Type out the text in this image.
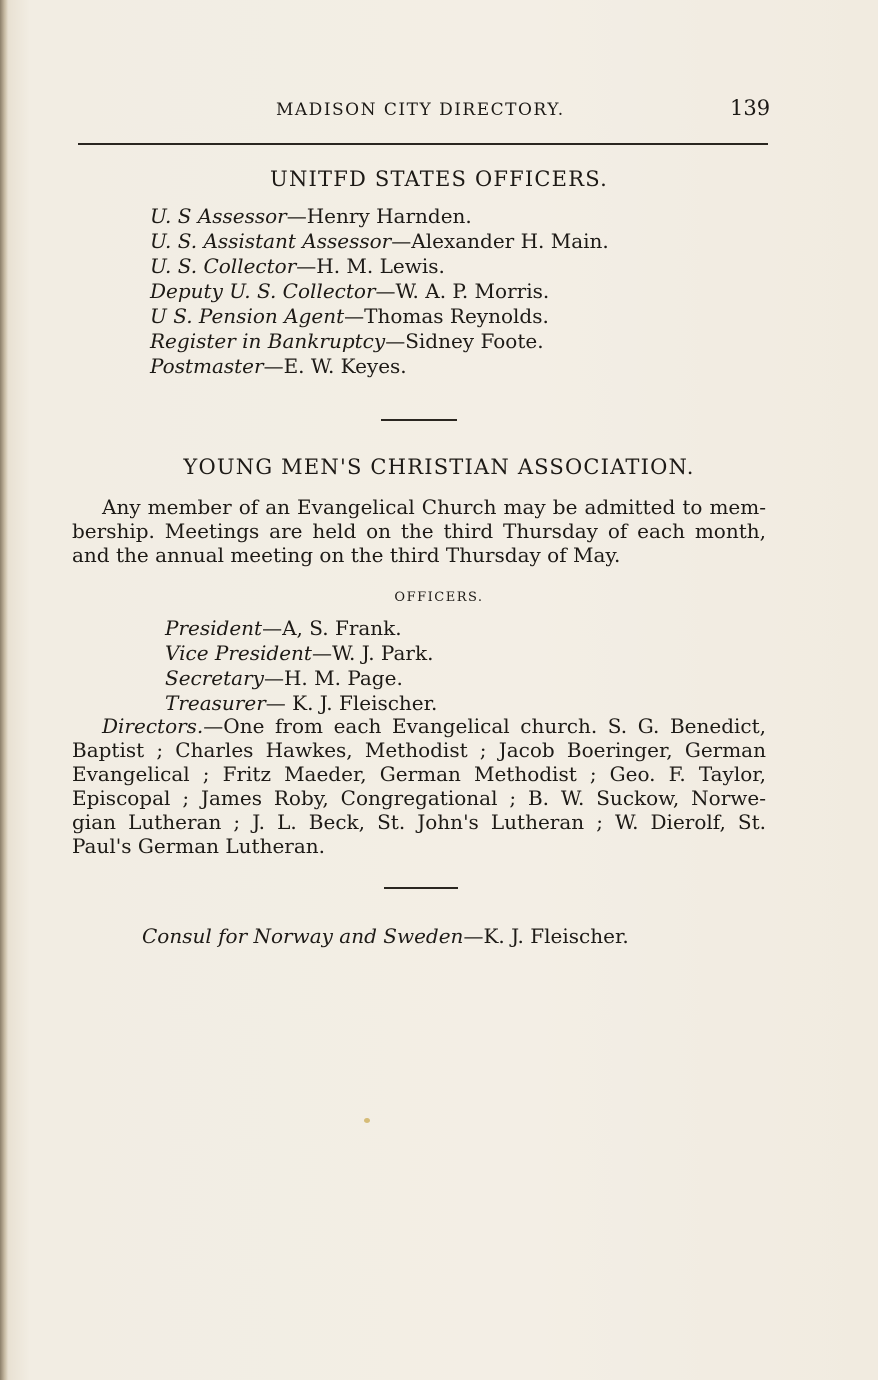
MADISON CITY DIRECTORY.	139
UNITFD STATES OFFICERS.
U. S Assessor—Henry Harnden.
U. S. Assistant Assessor—Alexander H. Main.
U. S. Collector—H. M. Lewis.
Deputy U. S. Collector—W. A. P. Morris.
U S. Pension Agent—Thomas Reynolds.
Register in Bankruptcy—Sidney Foote.
Postmaster—E. W. Keyes.
YOUNG MEN'S CHRISTIAN ASSOCIATION.
Any member of an Evangelical Church may be admitted to mem-
bership. Meetings are held on the third Thursday of each month,
and the annual meeting on the third Thursday of May.
OFFICERS.
President—A, S. Frank.
Vice President—W. J. Park.
Secretary—H. M. Page.
Treasurer— K. J. Fleischer.
Directors.—One from each Evangelical church. S. G. Benedict,
Baptist ; Charles Hawkes, Methodist ; Jacob Boeringer, German
Evangelical ; Fritz Maeder, German Methodist ; Geo. F. Taylor,
Episcopal ; James Roby, Congregational ; B. W. Suckow, Norwe-
gian Lutheran ; J. L. Beck, St. John's Lutheran ; W. Dierolf, St.
Paul's German Lutheran.
Consul for Norway and Sweden—K. J. Fleischer.
